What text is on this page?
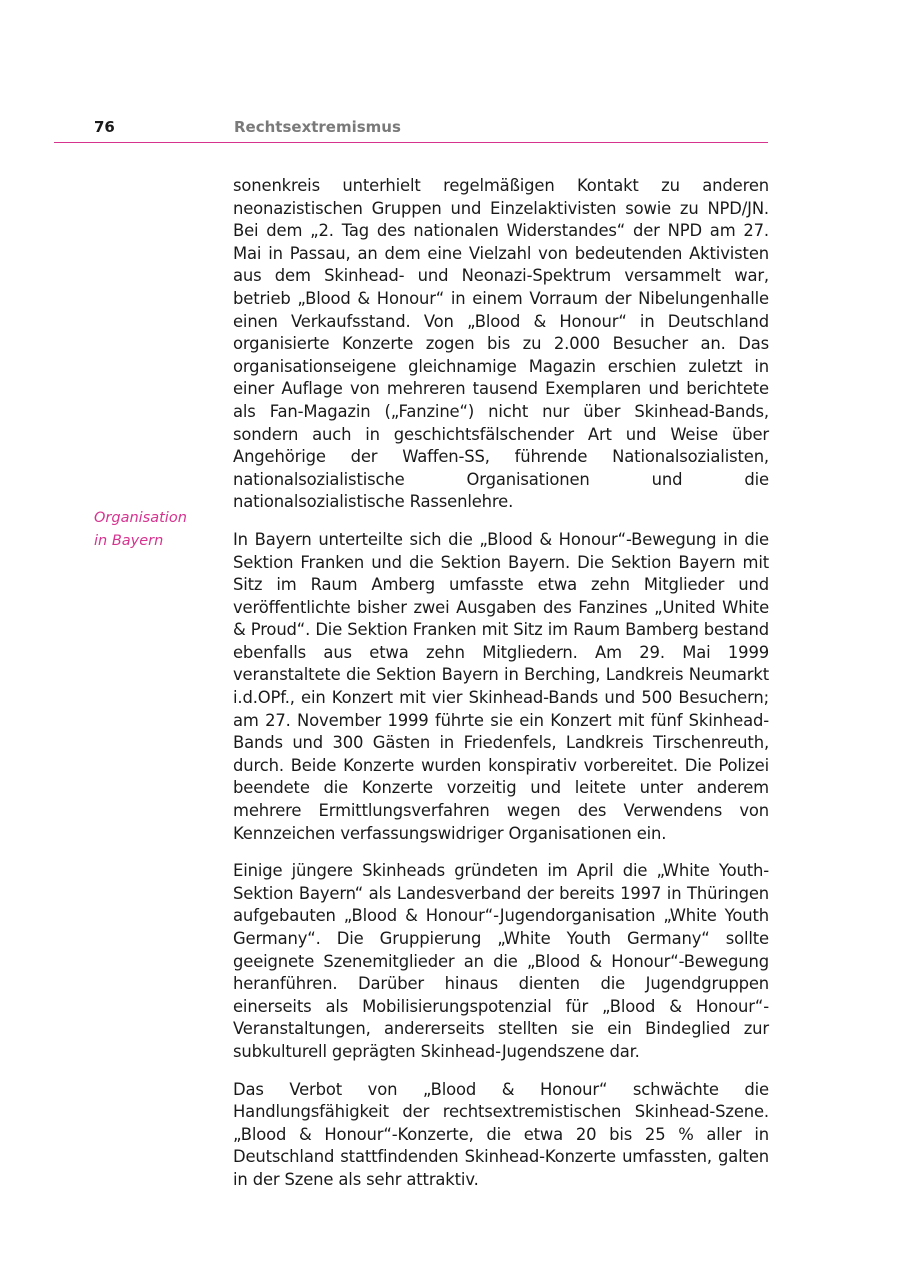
76	Rechtsextremismus
Organisation
in Bayern

sonenkreis unterhielt regelmäßigen Kontakt zu anderen neonazistischen Gruppen und Einzelaktivisten sowie zu NPD/JN. Bei dem „2. Tag des nationalen Widerstandes“ der NPD am 27. Mai in Passau, an dem eine Vielzahl von bedeutenden Aktivisten aus dem Skinhead- und Neonazi-Spektrum versammelt war, betrieb „Blood & Honour“ in einem Vorraum der Nibelungenhalle einen Verkaufsstand. Von „Blood & Honour“ in Deutschland organisierte Konzerte zogen bis zu 2.000 Besucher an. Das organisationseigene gleichnamige Magazin erschien zuletzt in einer Auflage von mehreren tausend Exemplaren und berichtete als Fan-Magazin („Fanzine“) nicht nur über Skinhead-Bands, sondern auch in geschichtsfälschender Art und Weise über Angehörige der Waffen-SS, führende Nationalsozialisten, nationalsozialistische Organisationen und die nationalsozialistische Rassenlehre.

In Bayern unterteilte sich die „Blood & Honour“-Bewegung in die Sektion Franken und die Sektion Bayern. Die Sektion Bayern mit Sitz im Raum Amberg umfasste etwa zehn Mitglieder und veröffentlichte bisher zwei Ausgaben des Fanzines „United White & Proud“. Die Sektion Franken mit Sitz im Raum Bamberg bestand ebenfalls aus etwa zehn Mitgliedern. Am 29. Mai 1999 veranstaltete die Sektion Bayern in Berching, Landkreis Neumarkt i.d.OPf., ein Konzert mit vier Skinhead-Bands und 500 Besuchern; am 27. November 1999 führte sie ein Konzert mit fünf Skinhead-Bands und 300 Gästen in Friedenfels, Landkreis Tirschenreuth, durch. Beide Konzerte wurden konspirativ vorbereitet. Die Polizei beendete die Konzerte vorzeitig und leitete unter anderem mehrere Ermittlungsverfahren wegen des Verwendens von Kennzeichen verfassungswidriger Organisationen ein.

Einige jüngere Skinheads gründeten im April die „White Youth-Sektion Bayern“ als Landesverband der bereits 1997 in Thüringen aufgebauten „Blood & Honour“-Jugendorganisation „White Youth Germany“. Die Gruppierung „White Youth Germany“ sollte geeignete Szenemitglieder an die „Blood & Honour“-Bewegung heranführen. Darüber hinaus dienten die Jugendgruppen einerseits als Mobilisierungspotenzial für „Blood & Honour“-Veranstaltungen, andererseits stellten sie ein Bindeglied zur subkulturell geprägten Skinhead-Jugendszene dar.

Das Verbot von „Blood & Honour“ schwächte die Handlungsfähigkeit der rechtsextremistischen Skinhead-Szene. „Blood & Honour“-Konzerte, die etwa 20 bis 25 % aller in Deutschland stattfindenden Skinhead-Konzerte umfassten, galten in der Szene als sehr attraktiv.
